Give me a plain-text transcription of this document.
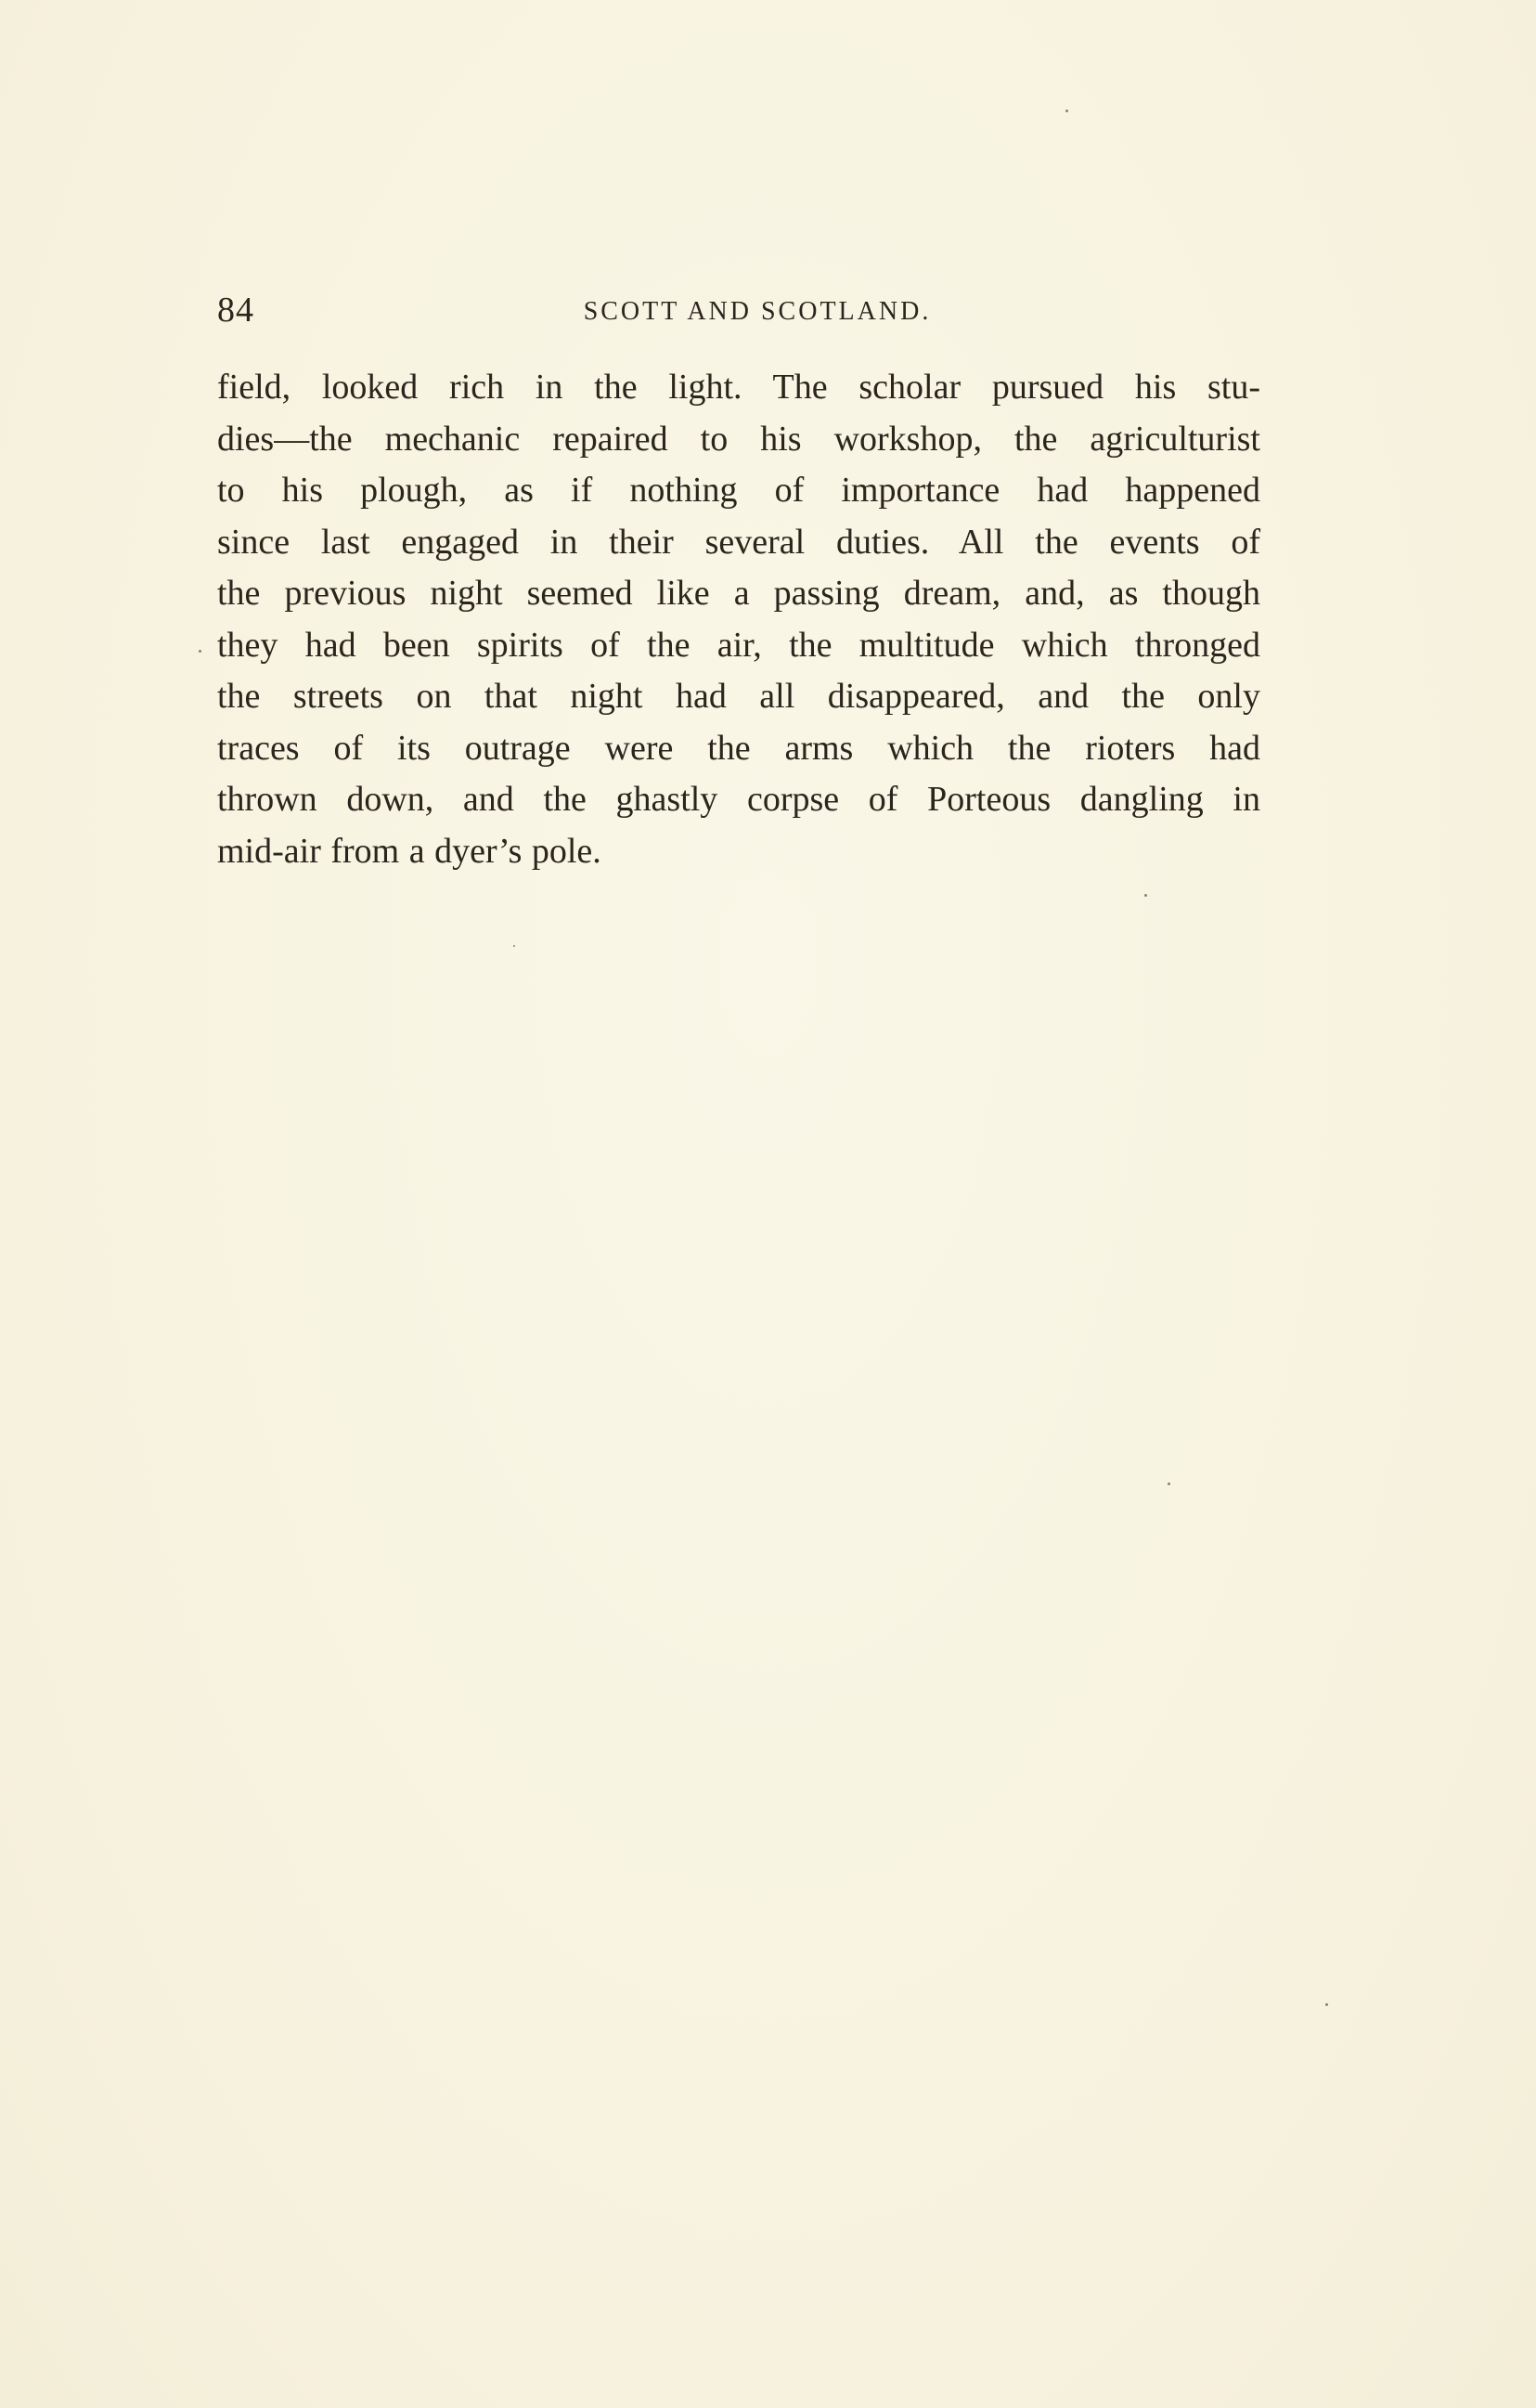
84	SCOTT AND SCOTLAND.
field, looked rich in the light. The scholar pursued his stu-
dies—the mechanic repaired to his workshop, the agriculturist
to his plough, as if nothing of importance had happened
since last engaged in their several duties. All the events of
the previous night seemed like a passing dream, and, as though
they had been spirits of the air, the multitude which thronged
the streets on that night had all disappeared, and the only
traces of its outrage were the arms which the rioters had
thrown down, and the ghastly corpse of Porteous dangling in
mid-air from a dyer’s pole.
